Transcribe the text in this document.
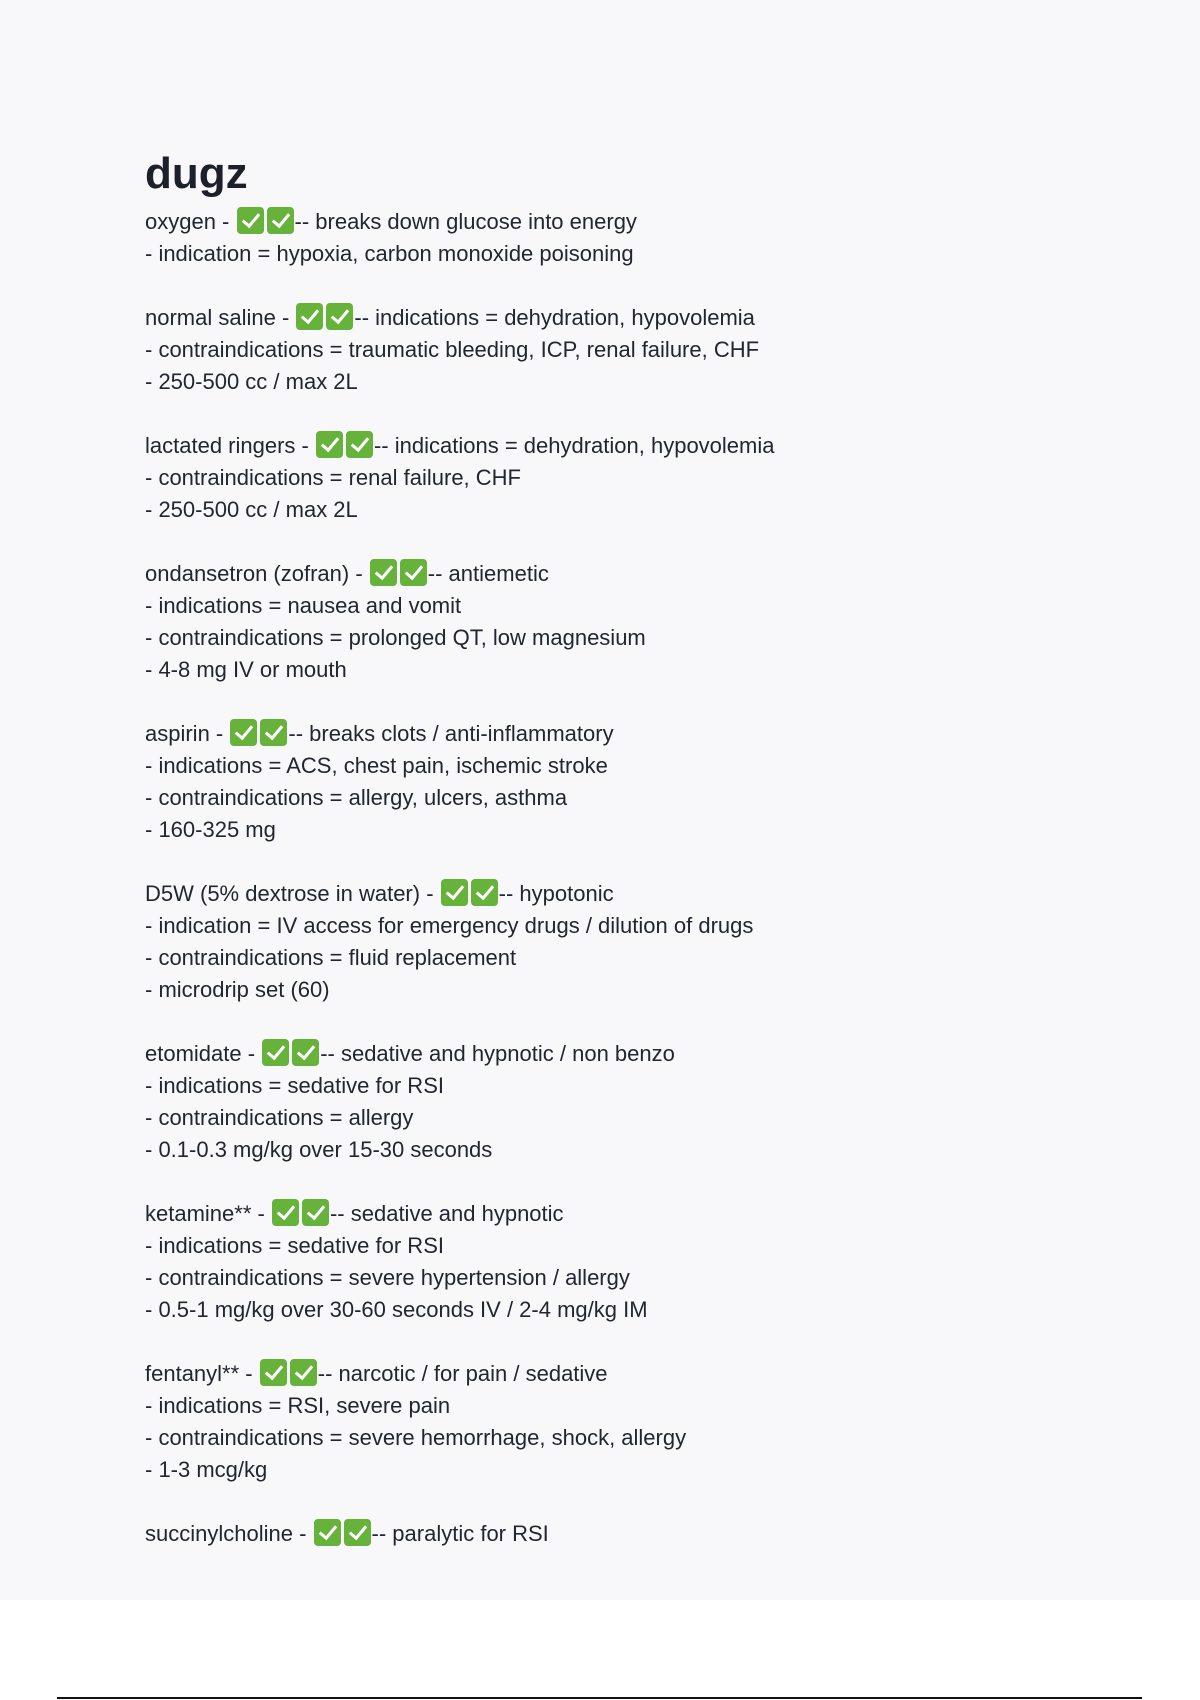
dugz
oxygen -	-- breaks down glucose into energy
- indication = hypoxia, carbon monoxide poisoning
normal saline -	-- indications = dehydration, hypovolemia
- contraindications = traumatic bleeding, ICP, renal failure, CHF
- 250-500 cc / max 2L
lactated ringers -	-- indications = dehydration, hypovolemia
- contraindications = renal failure, CHF
- 250-500 cc / max 2L
ondansetron (zofran) -	-- antiemetic
- indications = nausea and vomit
- contraindications = prolonged QT, low magnesium
- 4-8 mg IV or mouth
aspirin -	-- breaks clots / anti-inflammatory
- indications = ACS, chest pain, ischemic stroke
- contraindications = allergy, ulcers, asthma
- 160-325 mg
D5W (5% dextrose in water) -	-- hypotonic
- indication = IV access for emergency drugs / dilution of drugs
- contraindications = fluid replacement
- microdrip set (60)
etomidate -	-- sedative and hypnotic / non benzo
- indications = sedative for RSI
- contraindications = allergy
- 0.1-0.3 mg/kg over 15-30 seconds
ketamine** -	-- sedative and hypnotic
- indications = sedative for RSI
- contraindications = severe hypertension / allergy
- 0.5-1 mg/kg over 30-60 seconds IV / 2-4 mg/kg IM
fentanyl** -	-- narcotic / for pain / sedative
- indications = RSI, severe pain
- contraindications = severe hemorrhage, shock, allergy
- 1-3 mcg/kg
succinylcholine -	-- paralytic for RSI
